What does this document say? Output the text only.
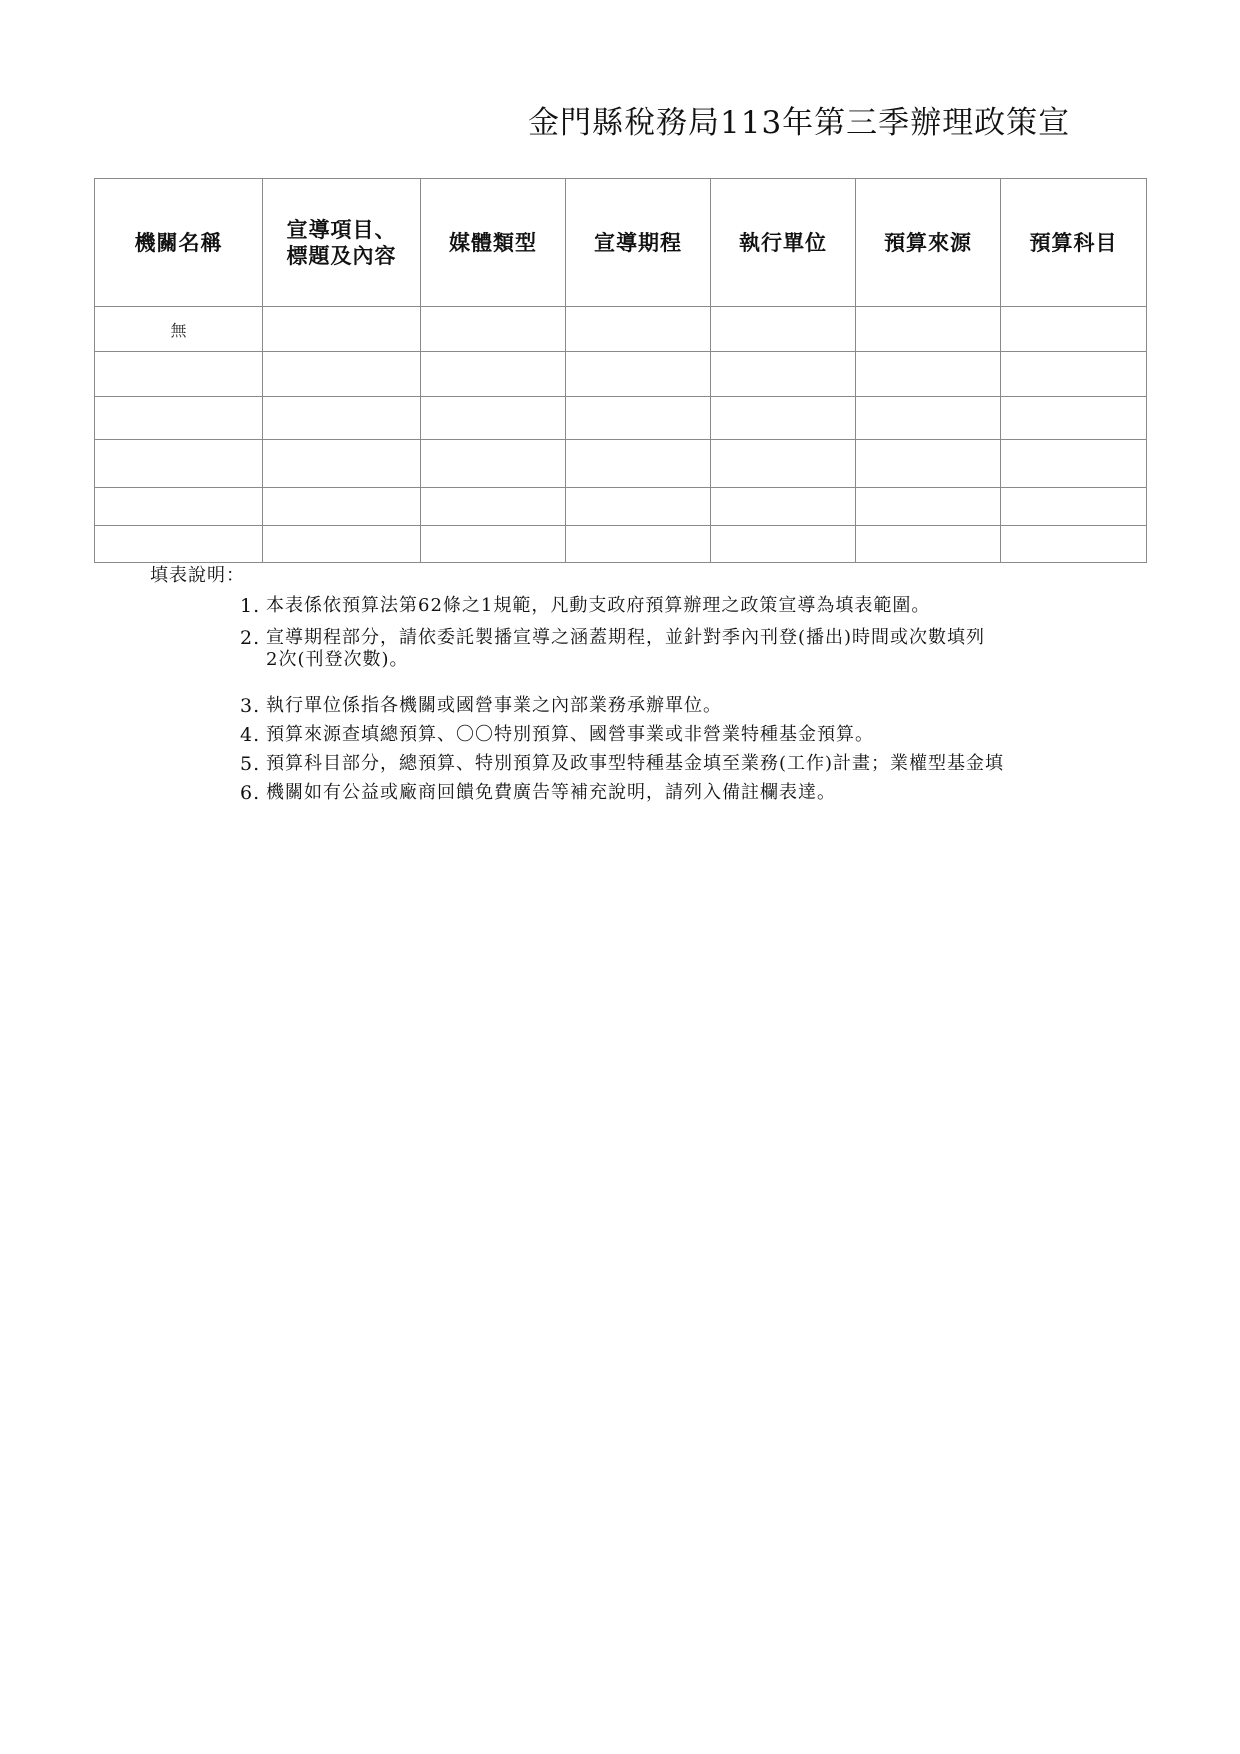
金門縣稅務局113年第三季辦理政策宣
機關名稱	宣導項目、
標題及內容	媒體類型	宣導期程	執行單位	預算來源	預算科目

無						

填表說明：
1. 本表係依預算法第62條之1規範，凡動支政府預算辦理之政策宣導為填表範圍。
2. 宣導期程部分，請依委託製播宣導之涵蓋期程，並針對季內刊登(播出)時間或次數填列
2次(刊登次數)。
3. 執行單位係指各機關或國營事業之內部業務承辦單位。
4. 預算來源查填總預算、〇〇特別預算、國營事業或非營業特種基金預算。
5. 預算科目部分，總預算、特別預算及政事型特種基金填至業務(工作)計畫；業權型基金填
6. 機關如有公益或廠商回饋免費廣告等補充說明，請列入備註欄表達。
